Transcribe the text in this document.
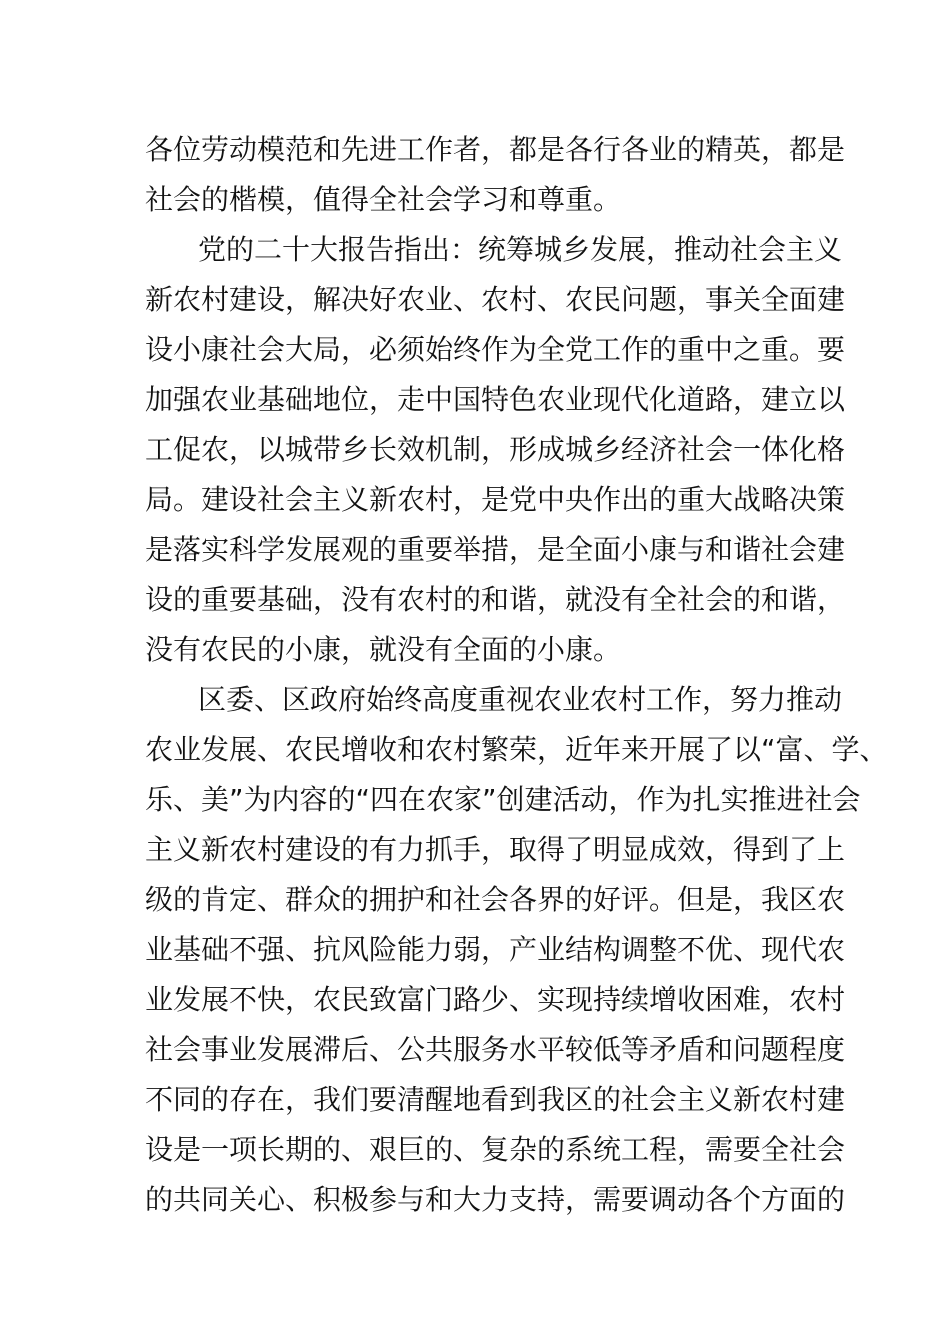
各位劳动模范和先进工作者，都是各行各业的精英，都是
社会的楷模，值得全社会学习和尊重。
党的二十大报告指出：统筹城乡发展，推动社会主义
新农村建设，解决好农业、农村、农民问题，事关全面建
设小康社会大局，必须始终作为全党工作的重中之重。要
加强农业基础地位，走中国特色农业现代化道路，建立以
工促农，以城带乡长效机制，形成城乡经济社会一体化格
局。建设社会主义新农村，是党中央作出的重大战略决策
是落实科学发展观的重要举措，是全面小康与和谐社会建
设的重要基础，没有农村的和谐，就没有全社会的和谐，
没有农民的小康，就没有全面的小康。
区委、区政府始终高度重视农业农村工作，努力推动
农业发展、农民增收和农村繁荣，近年来开展了以“富、学、
乐、美”为内容的“四在农家”创建活动，作为扎实推进社会
主义新农村建设的有力抓手，取得了明显成效，得到了上
级的肯定、群众的拥护和社会各界的好评。但是，我区农
业基础不强、抗风险能力弱，产业结构调整不优、现代农
业发展不快，农民致富门路少、实现持续增收困难，农村
社会事业发展滞后、公共服务水平较低等矛盾和问题程度
不同的存在，我们要清醒地看到我区的社会主义新农村建
设是一项长期的、艰巨的、复杂的系统工程，需要全社会
的共同关心、积极参与和大力支持，需要调动各个方面的
